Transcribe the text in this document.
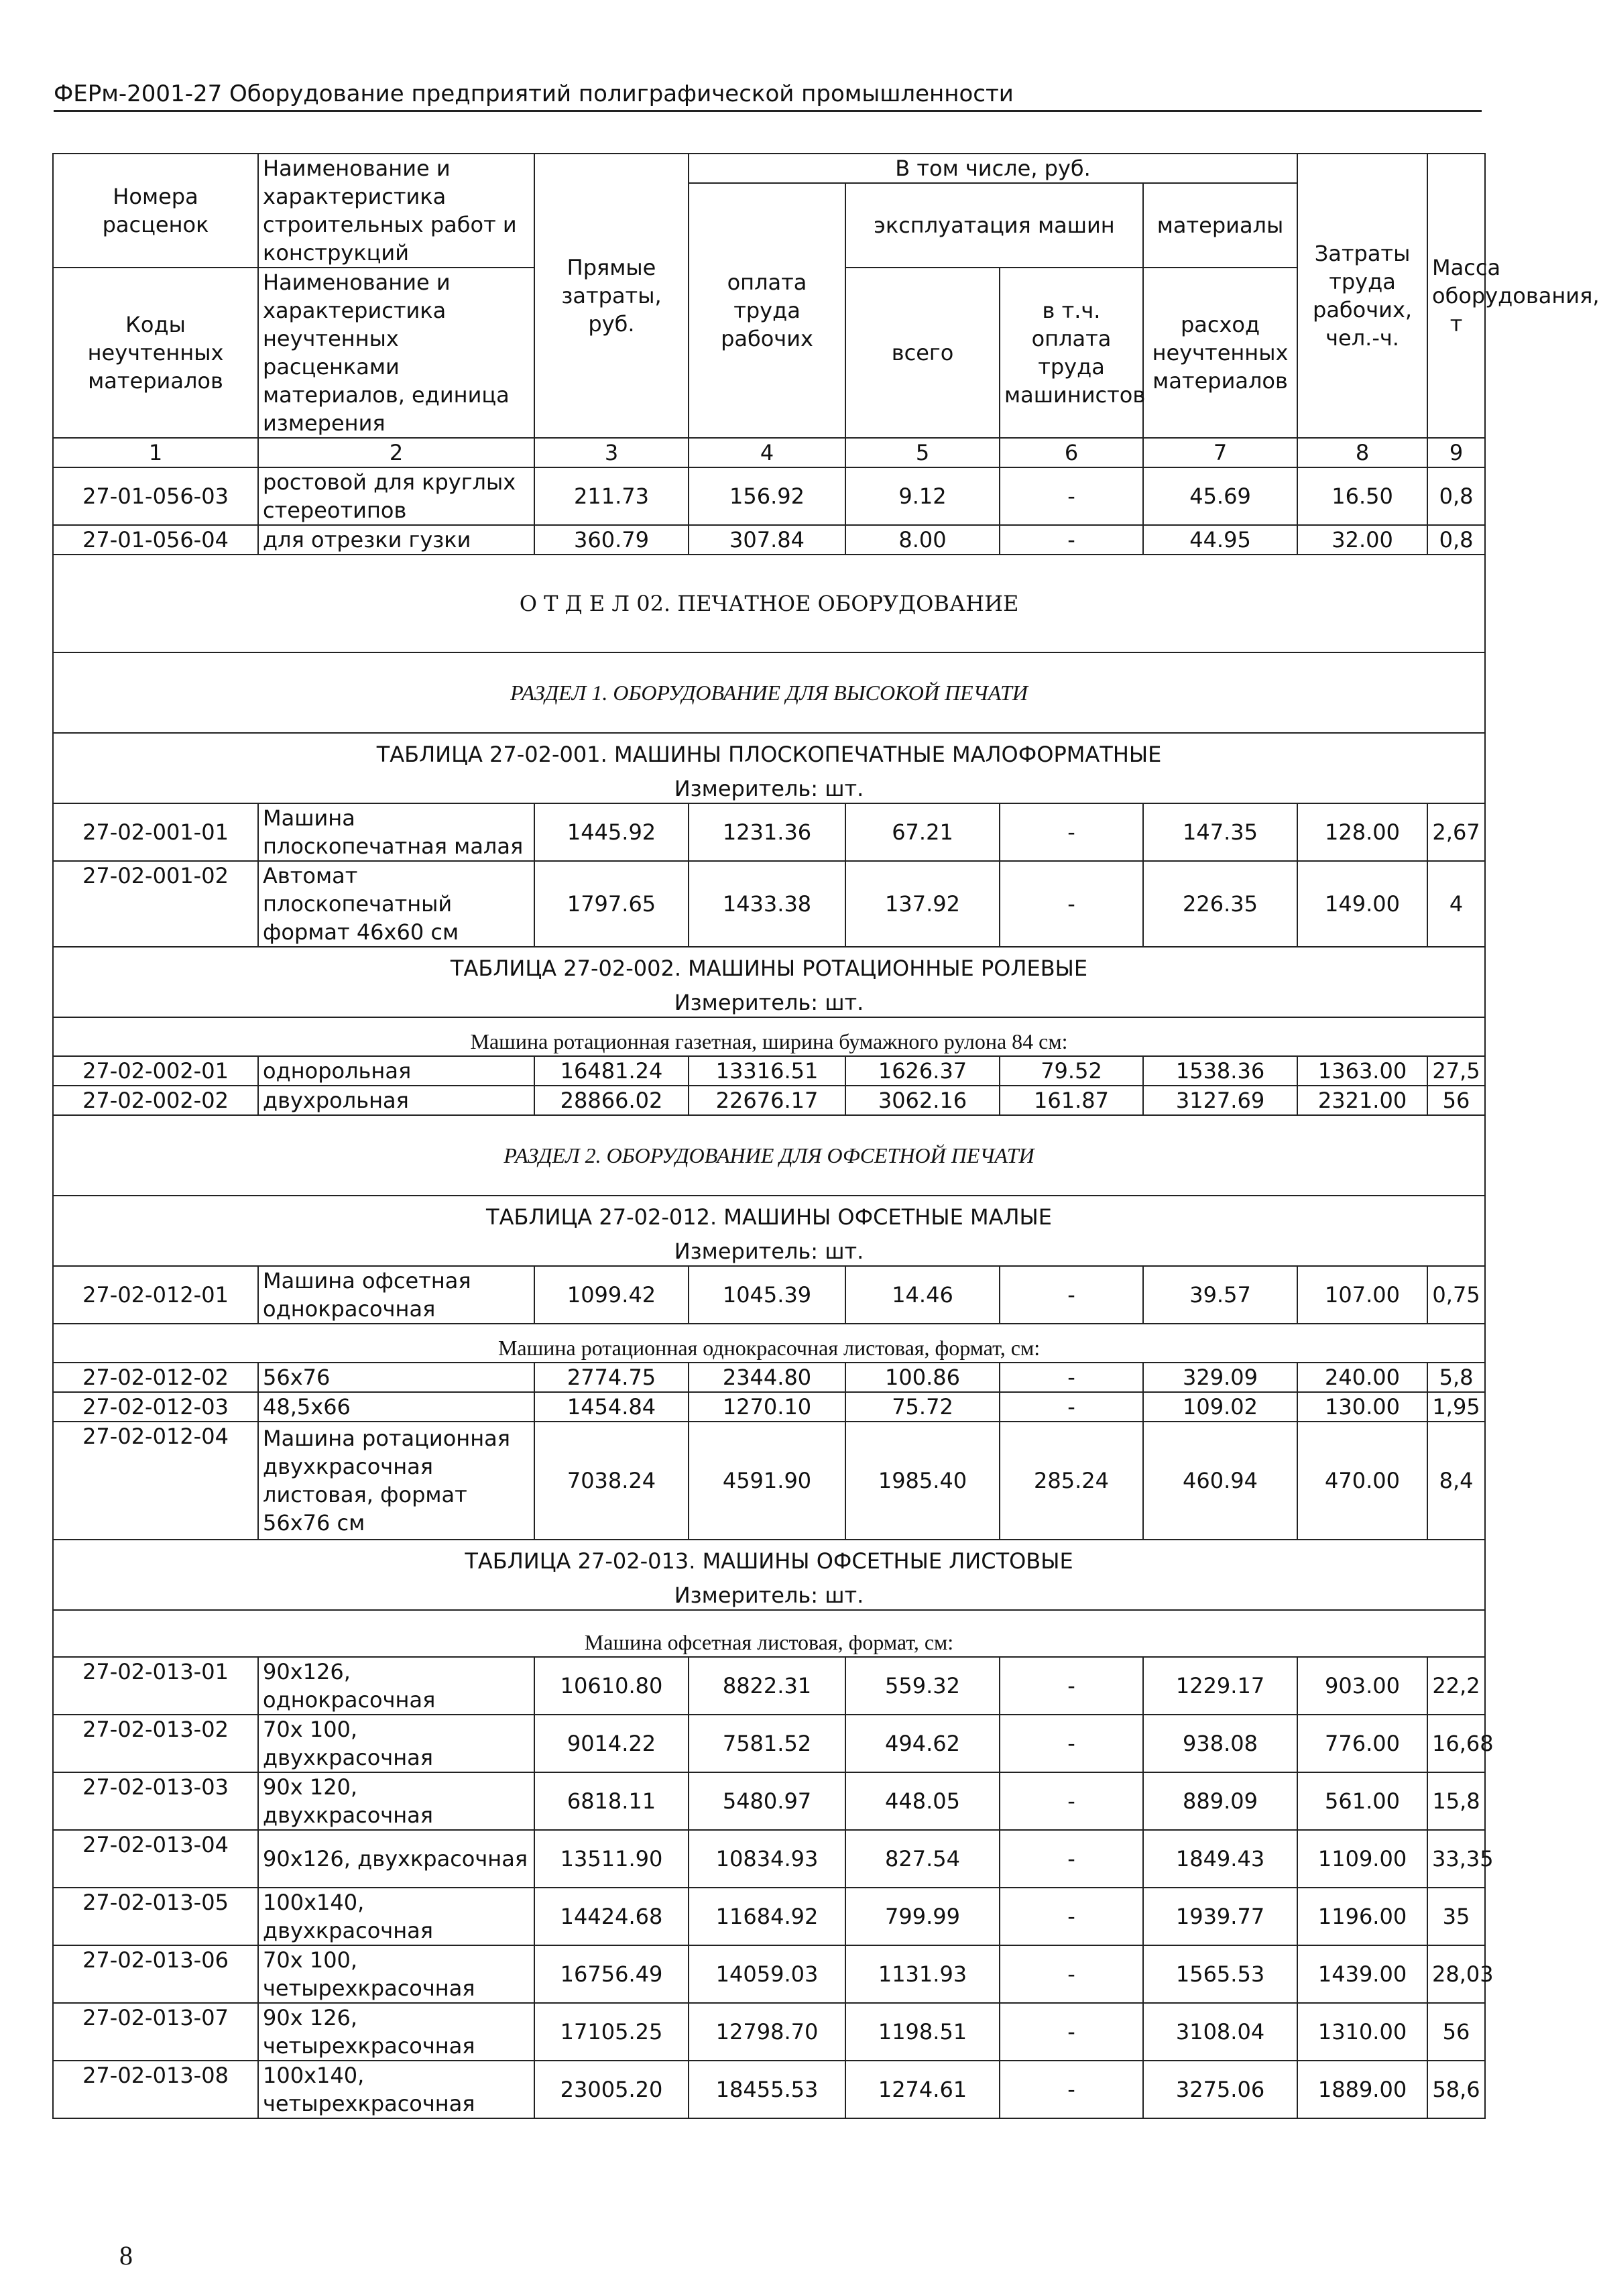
ФЕРм-2001-27 Оборудование предприятий полиграфической промышленности
Номера расценок	Наименование и характеристика строительных работ и конструкций	Прямые затраты, руб.	В том числе, руб.				Затраты труда рабочих, чел.-ч.	Масса оборудования, т
			оплата труда рабочих	эксплуатация машин		материалы		
Коды неучтенных материалов	Наименование и характеристика неучтенных расценками материалов, единица измерения			всего	в т.ч. оплата труда машинистов	расход неучтенных материалов		

1	2	3	4	5	6	7	8	9
27-01-056-03	ростовой для круглых стереотипов	211.73	156.92	9.12	-	45.69	16.50	0,8
27-01-056-04	для отрезки гузки	360.79	307.84	8.00	-	44.95	32.00	0,8
О Т Д Е Л 02. ПЕЧАТНОЕ ОБОРУДОВАНИЕ								
РАЗДЕЛ 1. ОБОРУДОВАНИЕ ДЛЯ ВЫСОКОЙ ПЕЧАТИ								
ТАБЛИЦА 27-02-001. МАШИНЫ ПЛОСКОПЕЧАТНЫЕ МАЛОФОРМАТНЫЕ								
Измеритель: шт.								
27-02-001-01	Машина плоскопечатная малая	1445.92	1231.36	67.21	-	147.35	128.00	2,67
27-02-001-02	Автомат плоскопечатный формат 46х60 см	1797.65	1433.38	137.92	-	226.35	149.00	4
ТАБЛИЦА 27-02-002. МАШИНЫ РОТАЦИОННЫЕ РОЛЕВЫЕ								
Измеритель: шт.								
Машина ротационная газетная, ширина бумажного рулона 84 см:								
27-02-002-01	однорольная	16481.24	13316.51	1626.37	79.52	1538.36	1363.00	27,5
27-02-002-02	двухрольная	28866.02	22676.17	3062.16	161.87	3127.69	2321.00	56
РАЗДЕЛ 2. ОБОРУДОВАНИЕ ДЛЯ ОФСЕТНОЙ ПЕЧАТИ								
ТАБЛИЦА 27-02-012. МАШИНЫ ОФСЕТНЫЕ МАЛЫЕ								
Измеритель: шт.								
27-02-012-01	Машина офсетная однокрасочная	1099.42	1045.39	14.46	-	39.57	107.00	0,75
Машина ротационная однокрасочная листовая, формат, см:								
27-02-012-02	56х76	2774.75	2344.80	100.86	-	329.09	240.00	5,8
27-02-012-03	48,5х66	1454.84	1270.10	75.72	-	109.02	130.00	1,95
27-02-012-04	Машина ротационная двухкрасочная листовая, формат 56х76 см	7038.24	4591.90	1985.40	285.24	460.94	470.00	8,4
ТАБЛИЦА 27-02-013. МАШИНЫ ОФСЕТНЫЕ ЛИСТОВЫЕ								
Измеритель: шт.								
Машина офсетная листовая, формат, см:								
27-02-013-01	90х126, однокрасочная	10610.80	8822.31	559.32	-	1229.17	903.00	22,2
27-02-013-02	70х 100, двухкрасочная	9014.22	7581.52	494.62	-	938.08	776.00	16,68
27-02-013-03	90х 120, двухкрасочная	6818.11	5480.97	448.05	-	889.09	561.00	15,8
27-02-013-04	90х126, двухкрасочная	13511.90	10834.93	827.54	-	1849.43	1109.00	33,35
27-02-013-05	100х140, двухкрасочная	14424.68	11684.92	799.99	-	1939.77	1196.00	35
27-02-013-06	70х 100, четырехкрасочная	16756.49	14059.03	1131.93	-	1565.53	1439.00	28,03
27-02-013-07	90х 126, четырехкрасочная	17105.25	12798.70	1198.51	-	3108.04	1310.00	56
27-02-013-08	100х140, четырехкрасочная	23005.20	18455.53	1274.61	-	3275.06	1889.00	58,6
8
